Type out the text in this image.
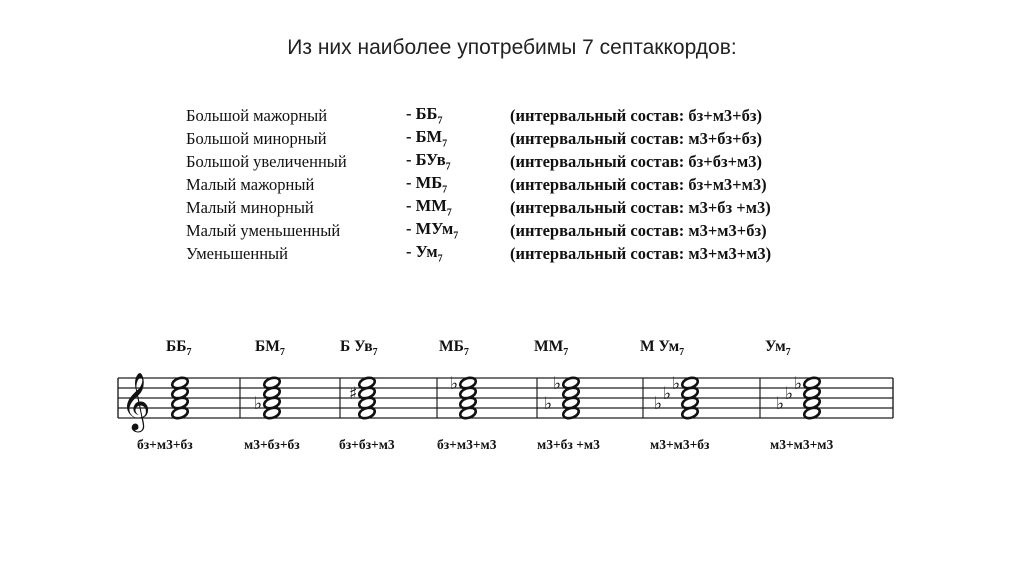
Из них наиболее употребимы 7 септаккордов:
Большой мажорный	- $ББ_7$	(интервальный состав: бз+м3+бз)
Большой минорный	- $БМ_7$	(интервальный состав: м3+бз+бз)
Большой увеличенный	- БУв$_7$	(интервальный состав: бз+бз+м3)
Малый мажорный	- $МБ_7$	(интервальный состав: бз+м3+м3)
Малый минорный	- $ММ_7$	(интервальный состав: м3+бз +м3)
Малый уменьшенный	- МУм$_7$	(интервальный состав: м3+м3+бз)
Уменьшенный	- $Ум_7$	(интервальный состав: м3+м3+м3)
$ББ_7$	$БМ_7$	Б $Ув_7$	$МБ_7$	$ММ_7$	М $Ум_7$	$Ум_7$
𝄞	♭	♯	♭
♭
♭
♭ ♭ ♭
♭ ♭ ♭
бз+м3+бз	м3+бз+бз	бз+бз+м3	бз+м3+м3	м3+бз +м3	м3+м3+бз	м3+м3+м3
